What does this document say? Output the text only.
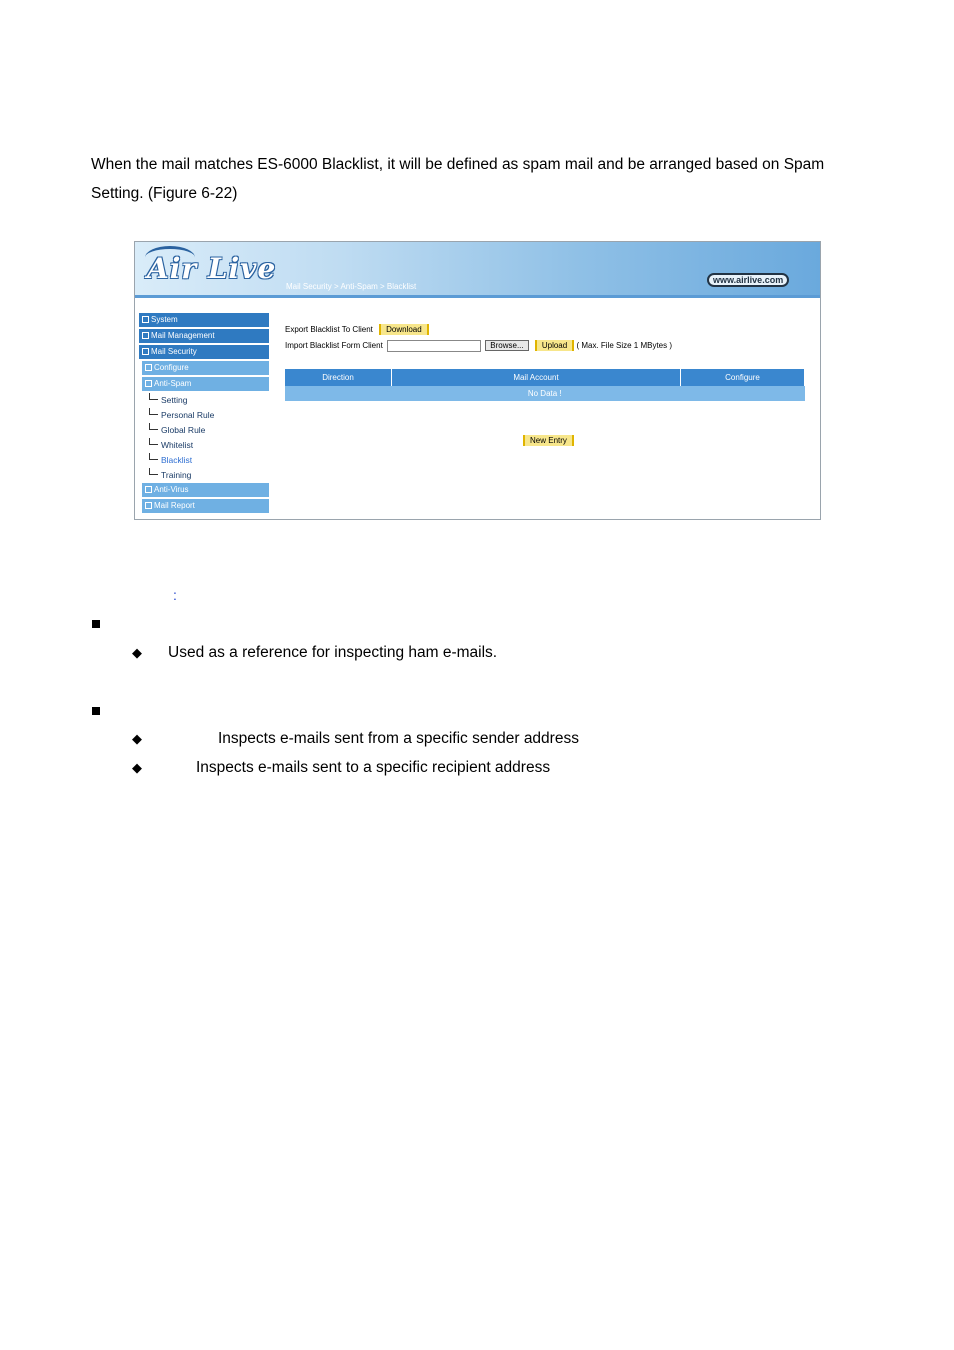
When the mail matches ES-6000 Blacklist, it will be defined as spam mail and be arranged based on Spam
Setting. (Figure 6-22)
Air Live
Mail Security > Anti-Spam > Blacklist
www.airlive.com
System
Mail Management
Mail Security
Configure
Anti-Spam
Setting
Personal Rule
Global Rule
Whitelist
Blacklist
Training
Anti-Virus
Mail Report
Export Blacklist To Client Download
Import Blacklist Form Client	Browse... Upload ( Max. File Size 1 MBytes )
Direction	Mail Account	Configure
No Data !
New Entry
:
◆ Used as a reference for inspecting ham e-mails.
◆	Inspects e-mails sent from a specific sender address
◆	Inspects e-mails sent to a specific recipient address
